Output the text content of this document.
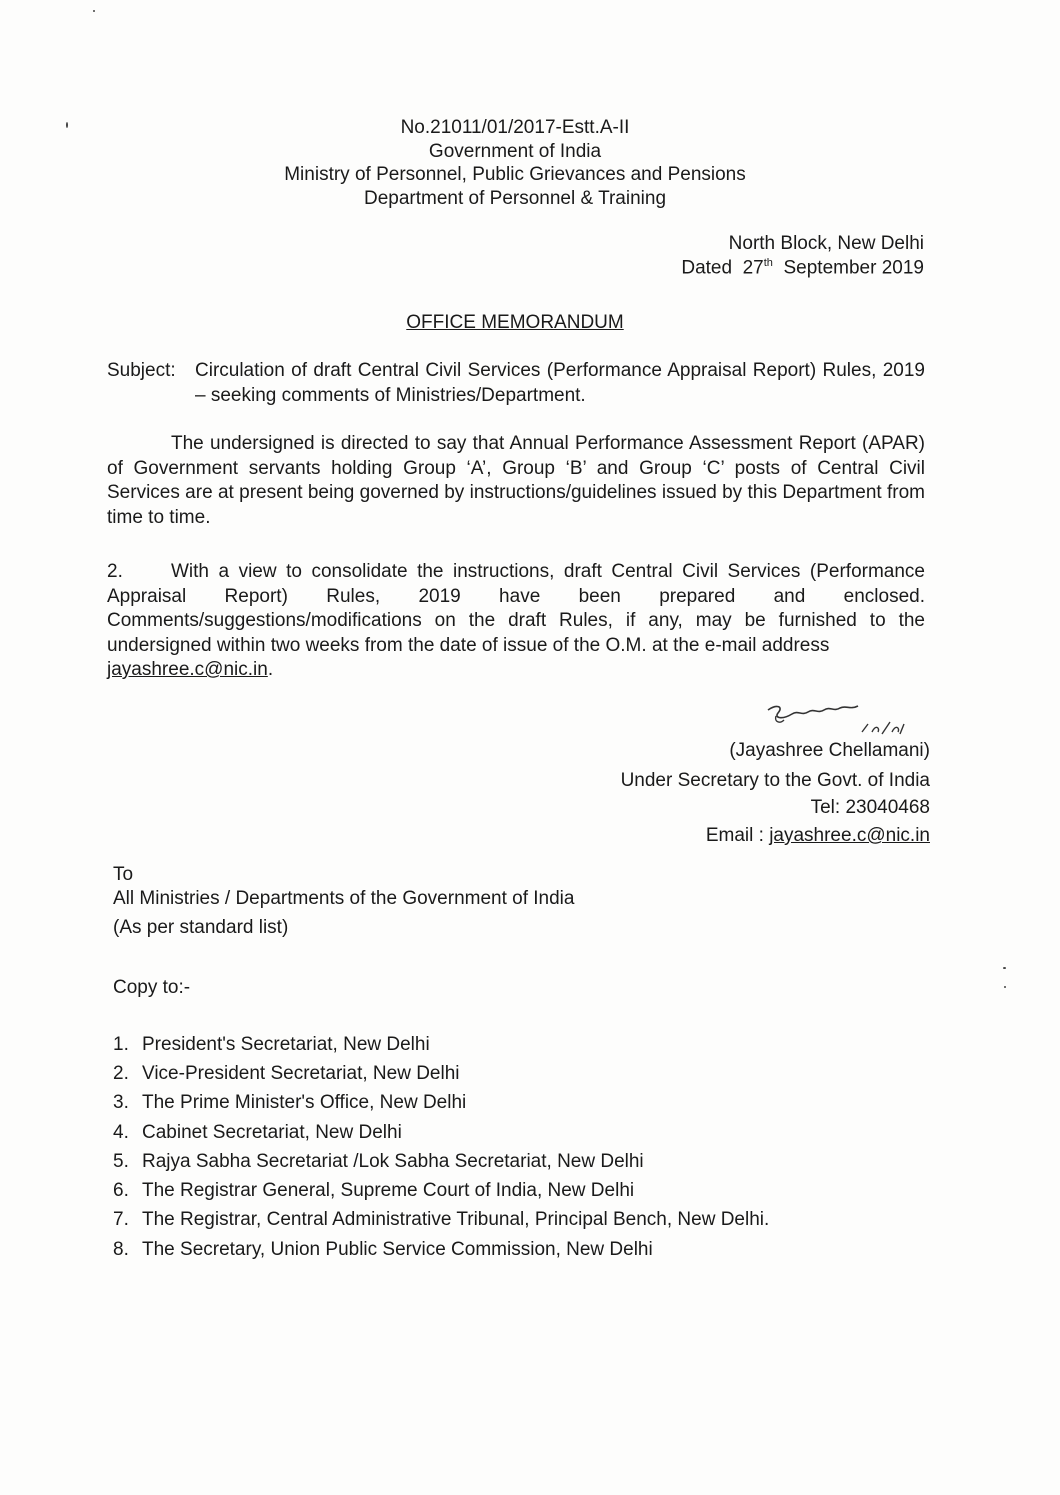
No.21011/01/2017-Estt.A-II
Government of India
Ministry of Personnel, Public Grievances and Pensions
Department of Personnel & Training
North Block, New Delhi
Dated 27th September 2019
OFFICE MEMORANDUM
Subject:	Circulation of draft Central Civil Services (Performance Appraisal Report) Rules, 2019 – seeking comments of Ministries/Department.
The undersigned is directed to say that Annual Performance Assessment Report (APAR) of Government servants holding Group ‘A’, Group ‘B’ and Group ‘C’ posts of Central Civil Services are at present being governed by instructions/guidelines issued by this Department from time to time.
2.	With a view to consolidate the instructions, draft Central Civil Services (Performance Appraisal Report) Rules, 2019 have been prepared and enclosed. Comments/suggestions/modifications on the draft Rules, if any, may be furnished to the undersigned within two weeks from the date of issue of the O.M. at the e-mail address
jayashree.c@nic.in.
(Jayashree Chellamani)
Under Secretary to the Govt. of India
Tel: 23040468
Email : jayashree.c@nic.in
To
All Ministries / Departments of the Government of India
(As per standard list)
Copy to:-
1. President's Secretariat, New Delhi
2. Vice-President Secretariat, New Delhi
3. The Prime Minister's Office, New Delhi
4. Cabinet Secretariat, New Delhi
5. Rajya Sabha Secretariat /Lok Sabha Secretariat, New Delhi
6. The Registrar General, Supreme Court of India, New Delhi
7. The Registrar, Central Administrative Tribunal, Principal Bench, New Delhi.
8. The Secretary, Union Public Service Commission, New Delhi
